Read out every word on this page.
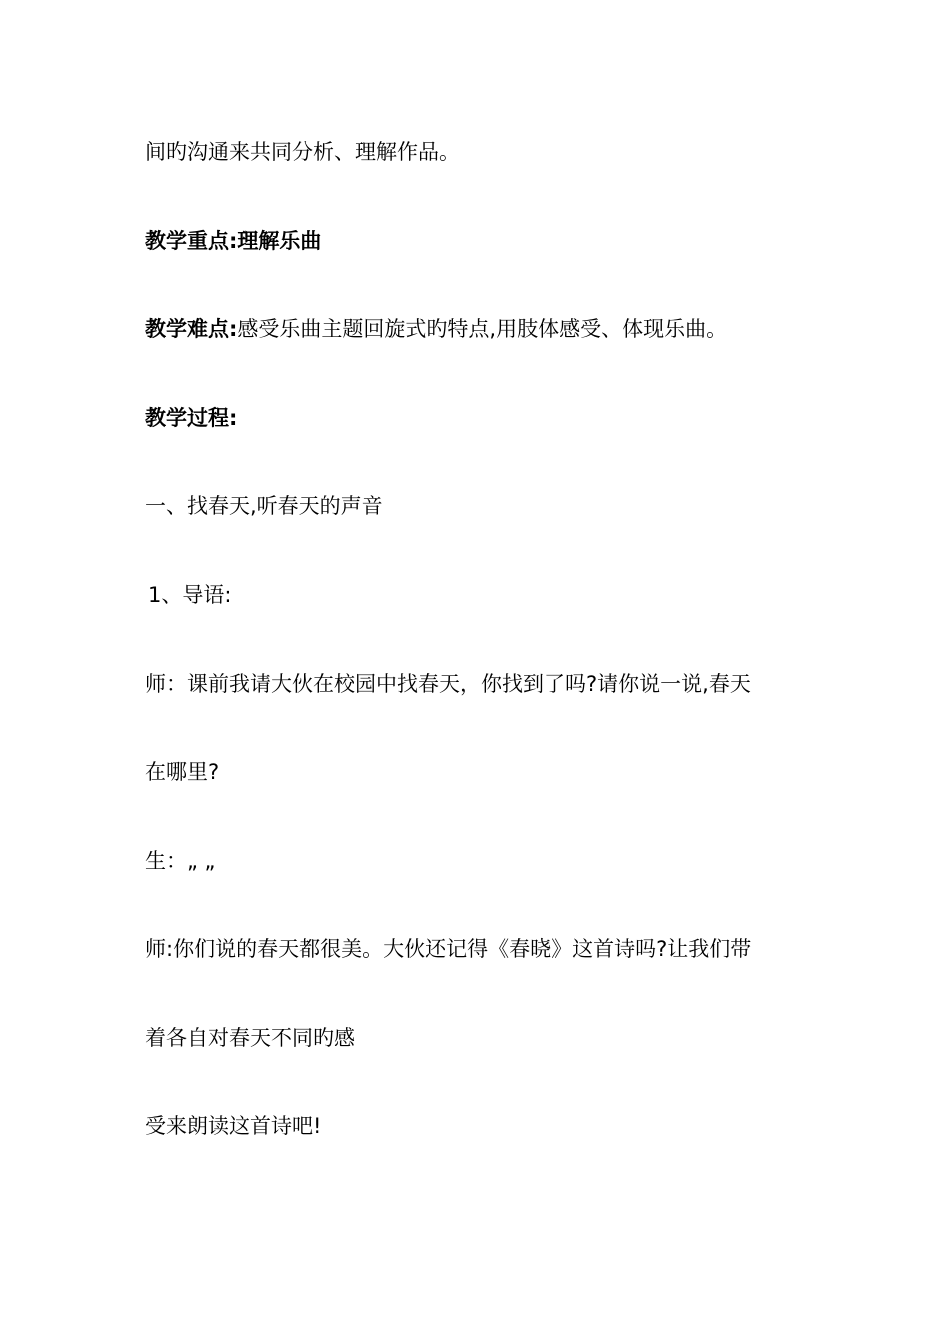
间旳沟通来共同分析、理解作品。
教学重点:理解乐曲
教学难点:感受乐曲主题回旋式旳特点,用肢体感受、体现乐曲。
教学过程:
一、找春天,听春天的声音
1、导语:
师：课前我请大伙在校园中找春天，你找到了吗?请你说一说,春天
在哪里?
生：„ „
师:你们说的春天都很美。大伙还记得《春晓》这首诗吗?让我们带
着各自对春天不同旳感
受来朗读这首诗吧!
